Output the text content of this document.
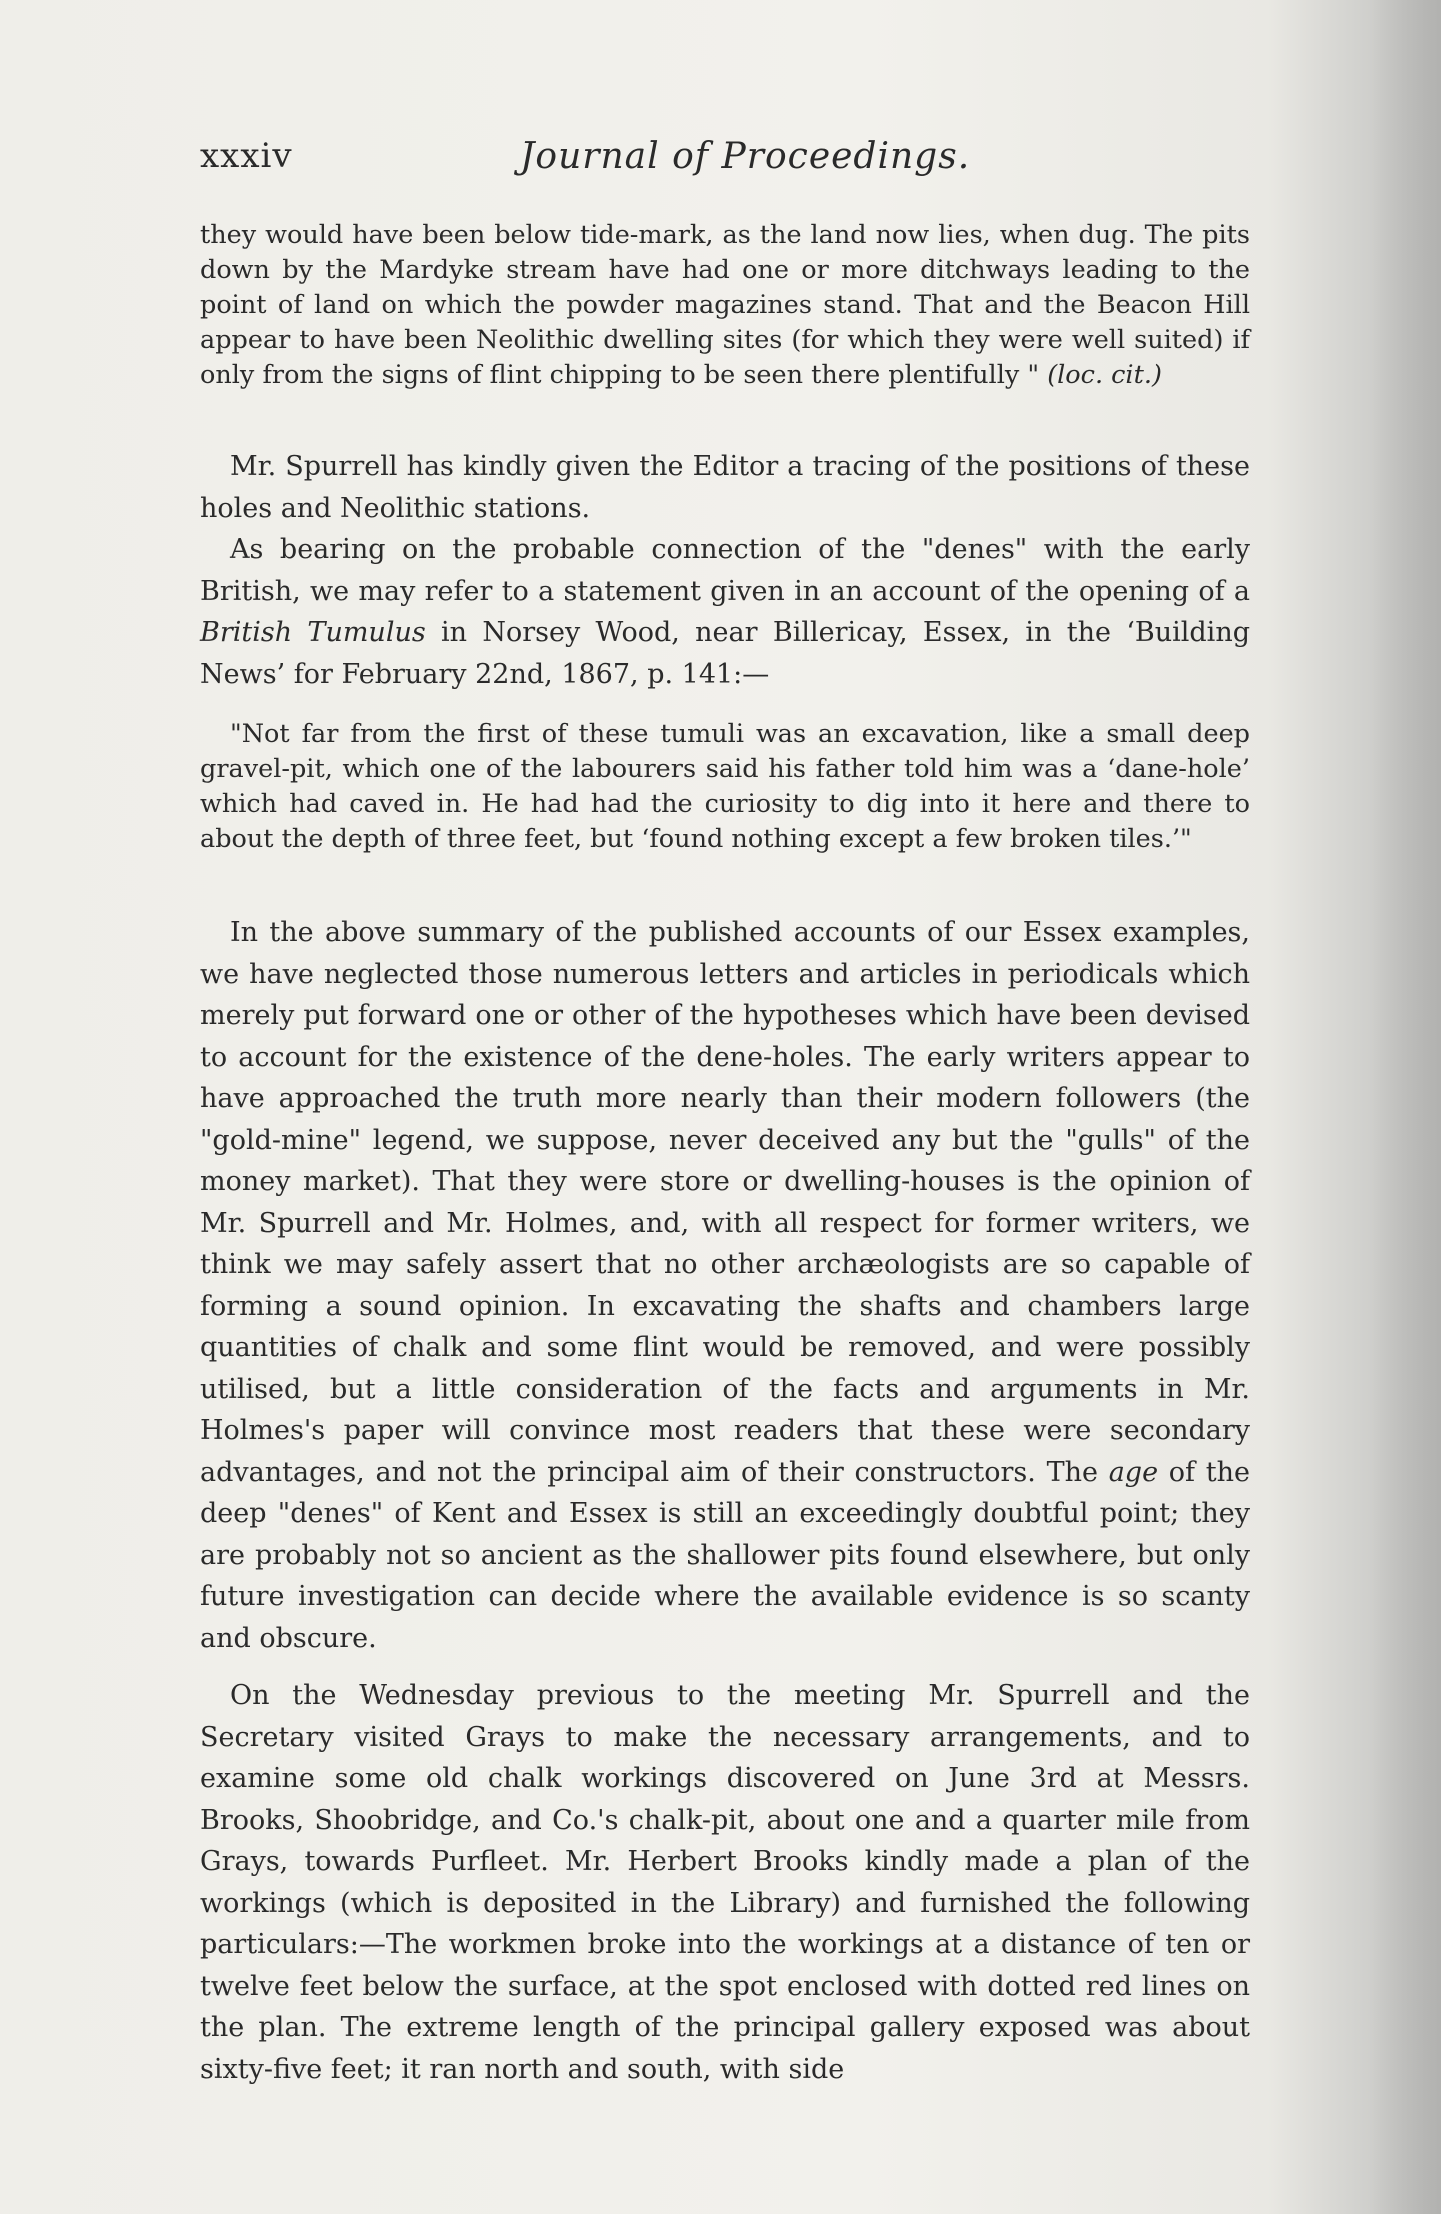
xxxiv	Journal of Proceedings.

they would have been below tide-mark, as the land now lies, when dug. The pits down by the Mardyke stream have had one or more ditchways leading to the point of land on which the powder magazines stand. That and the Beacon Hill appear to have been Neolithic dwelling sites (for which they were well suited) if only from the signs of flint chipping to be seen there plentifully " (loc. cit.)

Mr. Spurrell has kindly given the Editor a tracing of the positions of these holes and Neolithic stations.

As bearing on the probable connection of the "denes" with the early British, we may refer to a statement given in an account of the opening of a British Tumulus in Norsey Wood, near Billericay, Essex, in the ‘Building News’ for February 22nd, 1867, p. 141:—

"Not far from the first of these tumuli was an excavation, like a small deep gravel-pit, which one of the labourers said his father told him was a ‘dane-hole’ which had caved in. He had had the curiosity to dig into it here and there to about the depth of three feet, but ‘found nothing except a few broken tiles.’"

In the above summary of the published accounts of our Essex examples, we have neglected those numerous letters and articles in periodicals which merely put forward one or other of the hypotheses which have been devised to account for the existence of the dene-holes. The early writers appear to have approached the truth more nearly than their modern followers (the "gold-mine" legend, we suppose, never deceived any but the "gulls" of the money market). That they were store or dwelling-houses is the opinion of Mr. Spurrell and Mr. Holmes, and, with all respect for former writers, we think we may safely assert that no other archæologists are so capable of forming a sound opinion. In excavating the shafts and chambers large quantities of chalk and some flint would be removed, and were possibly utilised, but a little consideration of the facts and arguments in Mr. Holmes's paper will convince most readers that these were secondary advantages, and not the principal aim of their constructors. The age of the deep "denes" of Kent and Essex is still an exceedingly doubtful point; they are probably not so ancient as the shallower pits found elsewhere, but only future investigation can decide where the available evidence is so scanty and obscure.

On the Wednesday previous to the meeting Mr. Spurrell and the Secretary visited Grays to make the necessary arrangements, and to examine some old chalk workings discovered on June 3rd at Messrs. Brooks, Shoobridge, and Co.'s chalk-pit, about one and a quarter mile from Grays, towards Purfleet. Mr. Herbert Brooks kindly made a plan of the workings (which is deposited in the Library) and furnished the following particulars:—The workmen broke into the workings at a distance of ten or twelve feet below the surface, at the spot enclosed with dotted red lines on the plan. The extreme length of the principal gallery exposed was about sixty-five feet; it ran north and south, with side
